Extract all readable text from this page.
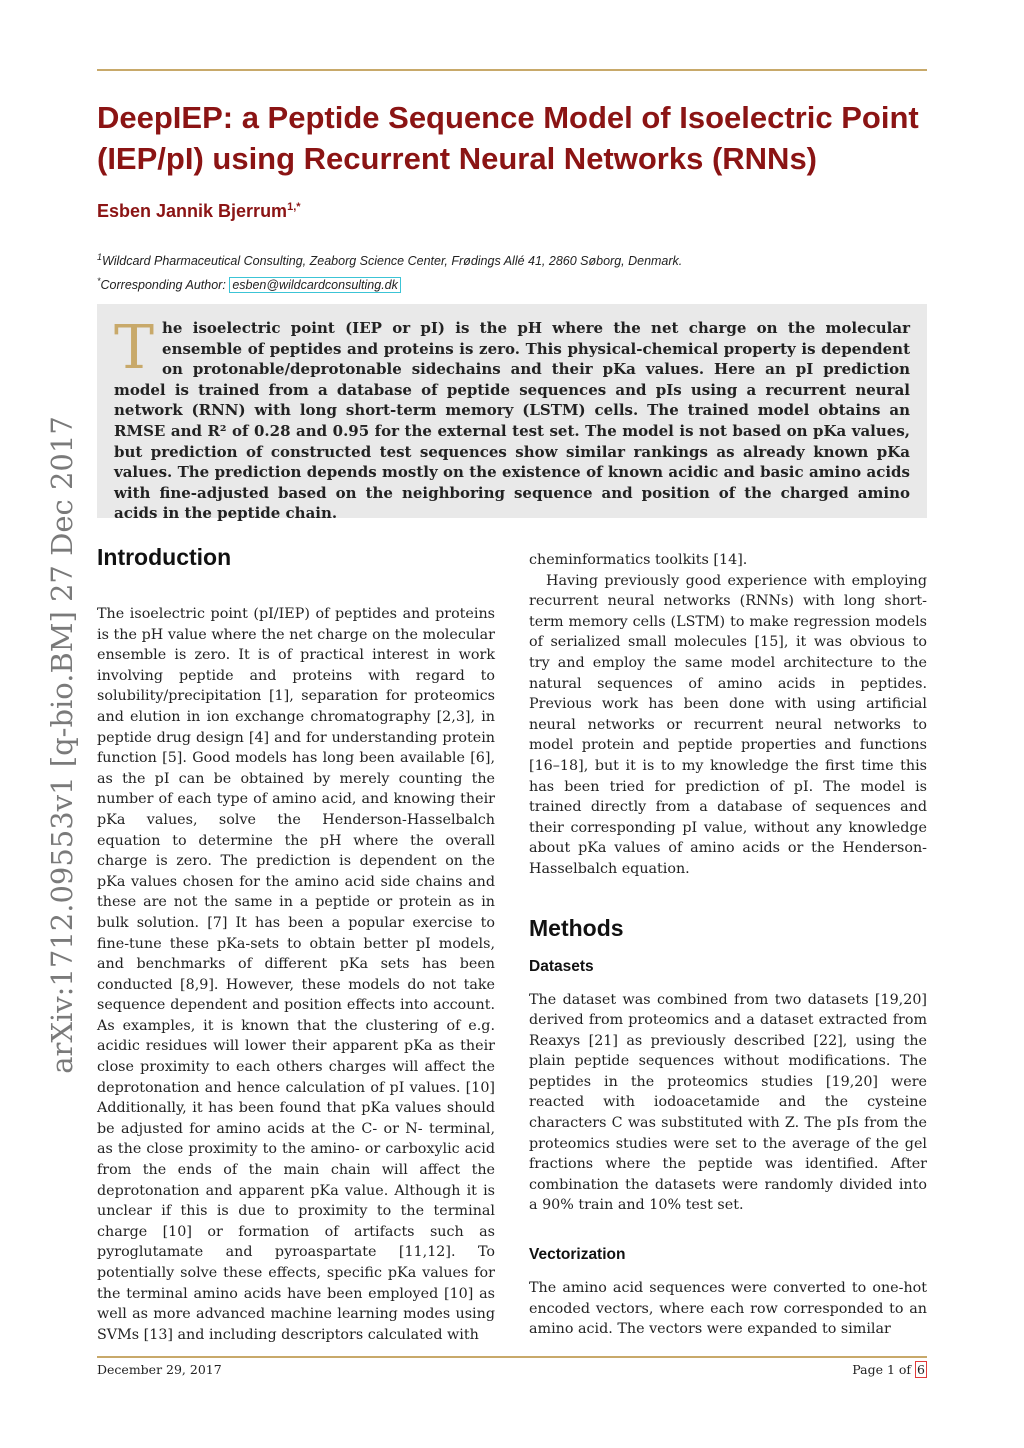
DeepIEP: a Peptide Sequence Model of Isoelectric Point (IEP/pI) using Recurrent Neural Networks (RNNs)
Esben Jannik Bjerrum$^{1,*}$
$^1$Wildcard Pharmaceutical Consulting, Zeaborg Science Center, Frødings Allé 41, 2860 Søborg, Denmark.
*Corresponding Author: esben@wildcardconsulting.dk

The isoelectric point (IEP or pI) is the pH where the net charge on the molecular ensemble of peptides and proteins is zero. This physical-chemical property is dependent on protonable/deprotonable sidechains and their pKa values. Here an pI prediction model is trained from a database of peptide sequences and pIs using a recurrent neural network (RNN) with long short-term memory (LSTM) cells. The trained model obtains an RMSE and R² of 0.28 and 0.95 for the external test set. The model is not based on pKa values, but prediction of constructed test sequences show similar rankings as already known pKa values. The prediction depends mostly on the existence of known acidic and basic amino acids with fine-adjusted based on the neighboring sequence and position of the charged amino acids in the peptide chain.

arXiv:1712.09553v1 [q-bio.BM] 27 Dec 2017 Introduction

The isoelectric point (pI/IEP) of peptides and proteins is the pH value where the net charge on the molecular ensemble is zero. It is of practical interest in work involving peptide and proteins with regard to solubility/precipitation [1], separation for proteomics and elution in ion exchange chromatography [2,3], in peptide drug design [4] and for understanding protein function [5]. Good models has long been available [6], as the pI can be obtained by merely counting the number of each type of amino acid, and knowing their pKa values, solve the Henderson-Hasselbalch equation to determine the pH where the overall charge is zero. The prediction is dependent on the pKa values chosen for the amino acid side chains and these are not the same in a peptide or protein as in bulk solution. [7] It has been a popular exercise to fine-tune these pKa-sets to obtain better pI models, and benchmarks of different pKa sets has been conducted [8,9]. However, these models do not take sequence dependent and position effects into account. As examples, it is known that the clustering of e.g. acidic residues will lower their apparent pKa as their close proximity to each others charges will affect the deprotonation and hence calculation of pI values. [10] Additionally, it has been found that pKa values should be adjusted for amino acids at the C- or N- terminal, as the close proximity to the amino- or carboxylic acid from the ends of the main chain will affect the deprotonation and apparent pKa value. Although it is unclear if this is due to proximity to the terminal charge [10] or formation of artifacts such as pyroglutamate and pyroaspartate [11,12]. To potentially solve these effects, specific pKa values for the terminal amino acids have been employed [10] as well as more advanced machine learning modes using SVMs [13] and including descriptors calculated with

cheminformatics toolkits [14].

Having previously good experience with employing recurrent neural networks (RNNs) with long short-term memory cells (LSTM) to make regression models of serialized small molecules [15], it was obvious to try and employ the same model architecture to the natural sequences of amino acids in peptides. Previous work has been done with using artificial neural networks or recurrent neural networks to model protein and peptide properties and functions [16–18], but it is to my knowledge the first time this has been tried for prediction of pI. The model is trained directly from a database of sequences and their corresponding pI value, without any knowledge about pKa values of amino acids or the Henderson-Hasselbalch equation.

Methods
Datasets

The dataset was combined from two datasets [19,20] derived from proteomics and a dataset extracted from Reaxys [21] as previously described [22], using the plain peptide sequences without modifications. The peptides in the proteomics studies [19,20] were reacted with iodoacetamide and the cysteine characters C was substituted with Z. The pIs from the proteomics studies were set to the average of the gel fractions where the peptide was identified. After combination the datasets were randomly divided into a 90% train and 10% test set.

Vectorization

The amino acid sequences were converted to one-hot encoded vectors, where each row corresponded to an amino acid. The vectors were expanded to similar

December 29, 2017	Page 1 of 6
